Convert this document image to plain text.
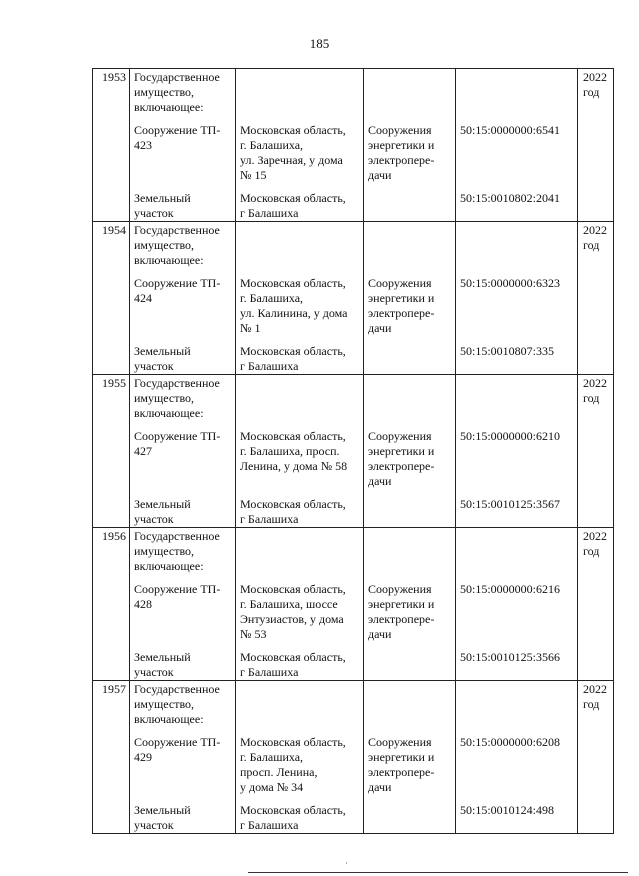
185
1953	Государственное
имущество,
включающее:				2022
год

	Сооружение ТП-
423	Московская область,
г. Балашиха,
ул. Заречная, у дома
№ 15	Сооружения
энергетики и
электропере-
дачи	50:15:0000000:6541	

	Земельный
участок	Московская область,
г Балашиха		50:15:0010802:2041	
1954	Государственное
имущество,
включающее:				2022
год

	Сооружение ТП-
424	Московская область,
г. Балашиха,
ул. Калинина, у дома
№ 1	Сооружения
энергетики и
электропере-
дачи	50:15:0000000:6323	

	Земельный
участок	Московская область,
г Балашиха		50:15:0010807:335	
1955	Государственное
имущество,
включающее:				2022
год

	Сооружение ТП-
427	Московская область,
г. Балашиха, просп.
Ленина, у дома № 58	Сооружения
энергетики и
электропере-
дачи	50:15:0000000:6210	

	Земельный
участок	Московская область,
г Балашиха		50:15:0010125:3567	
1956	Государственное
имущество,
включающее:				2022
год

	Сооружение ТП-
428	Московская область,
г. Балашиха, шоссе
Энтузиастов, у дома
№ 53	Сооружения
энергетики и
электропере-
дачи	50:15:0000000:6216	

	Земельный
участок	Московская область,
г Балашиха		50:15:0010125:3566	
1957	Государственное
имущество,
включающее:				2022
год

	Сооружение ТП-
429	Московская область,
г. Балашиха,
просп. Ленина,
у дома № 34	Сооружения
энергетики и
электропере-
дачи	50:15:0000000:6208	

	Земельный
участок	Московская область,
г Балашиха		50:15:0010124:498	
